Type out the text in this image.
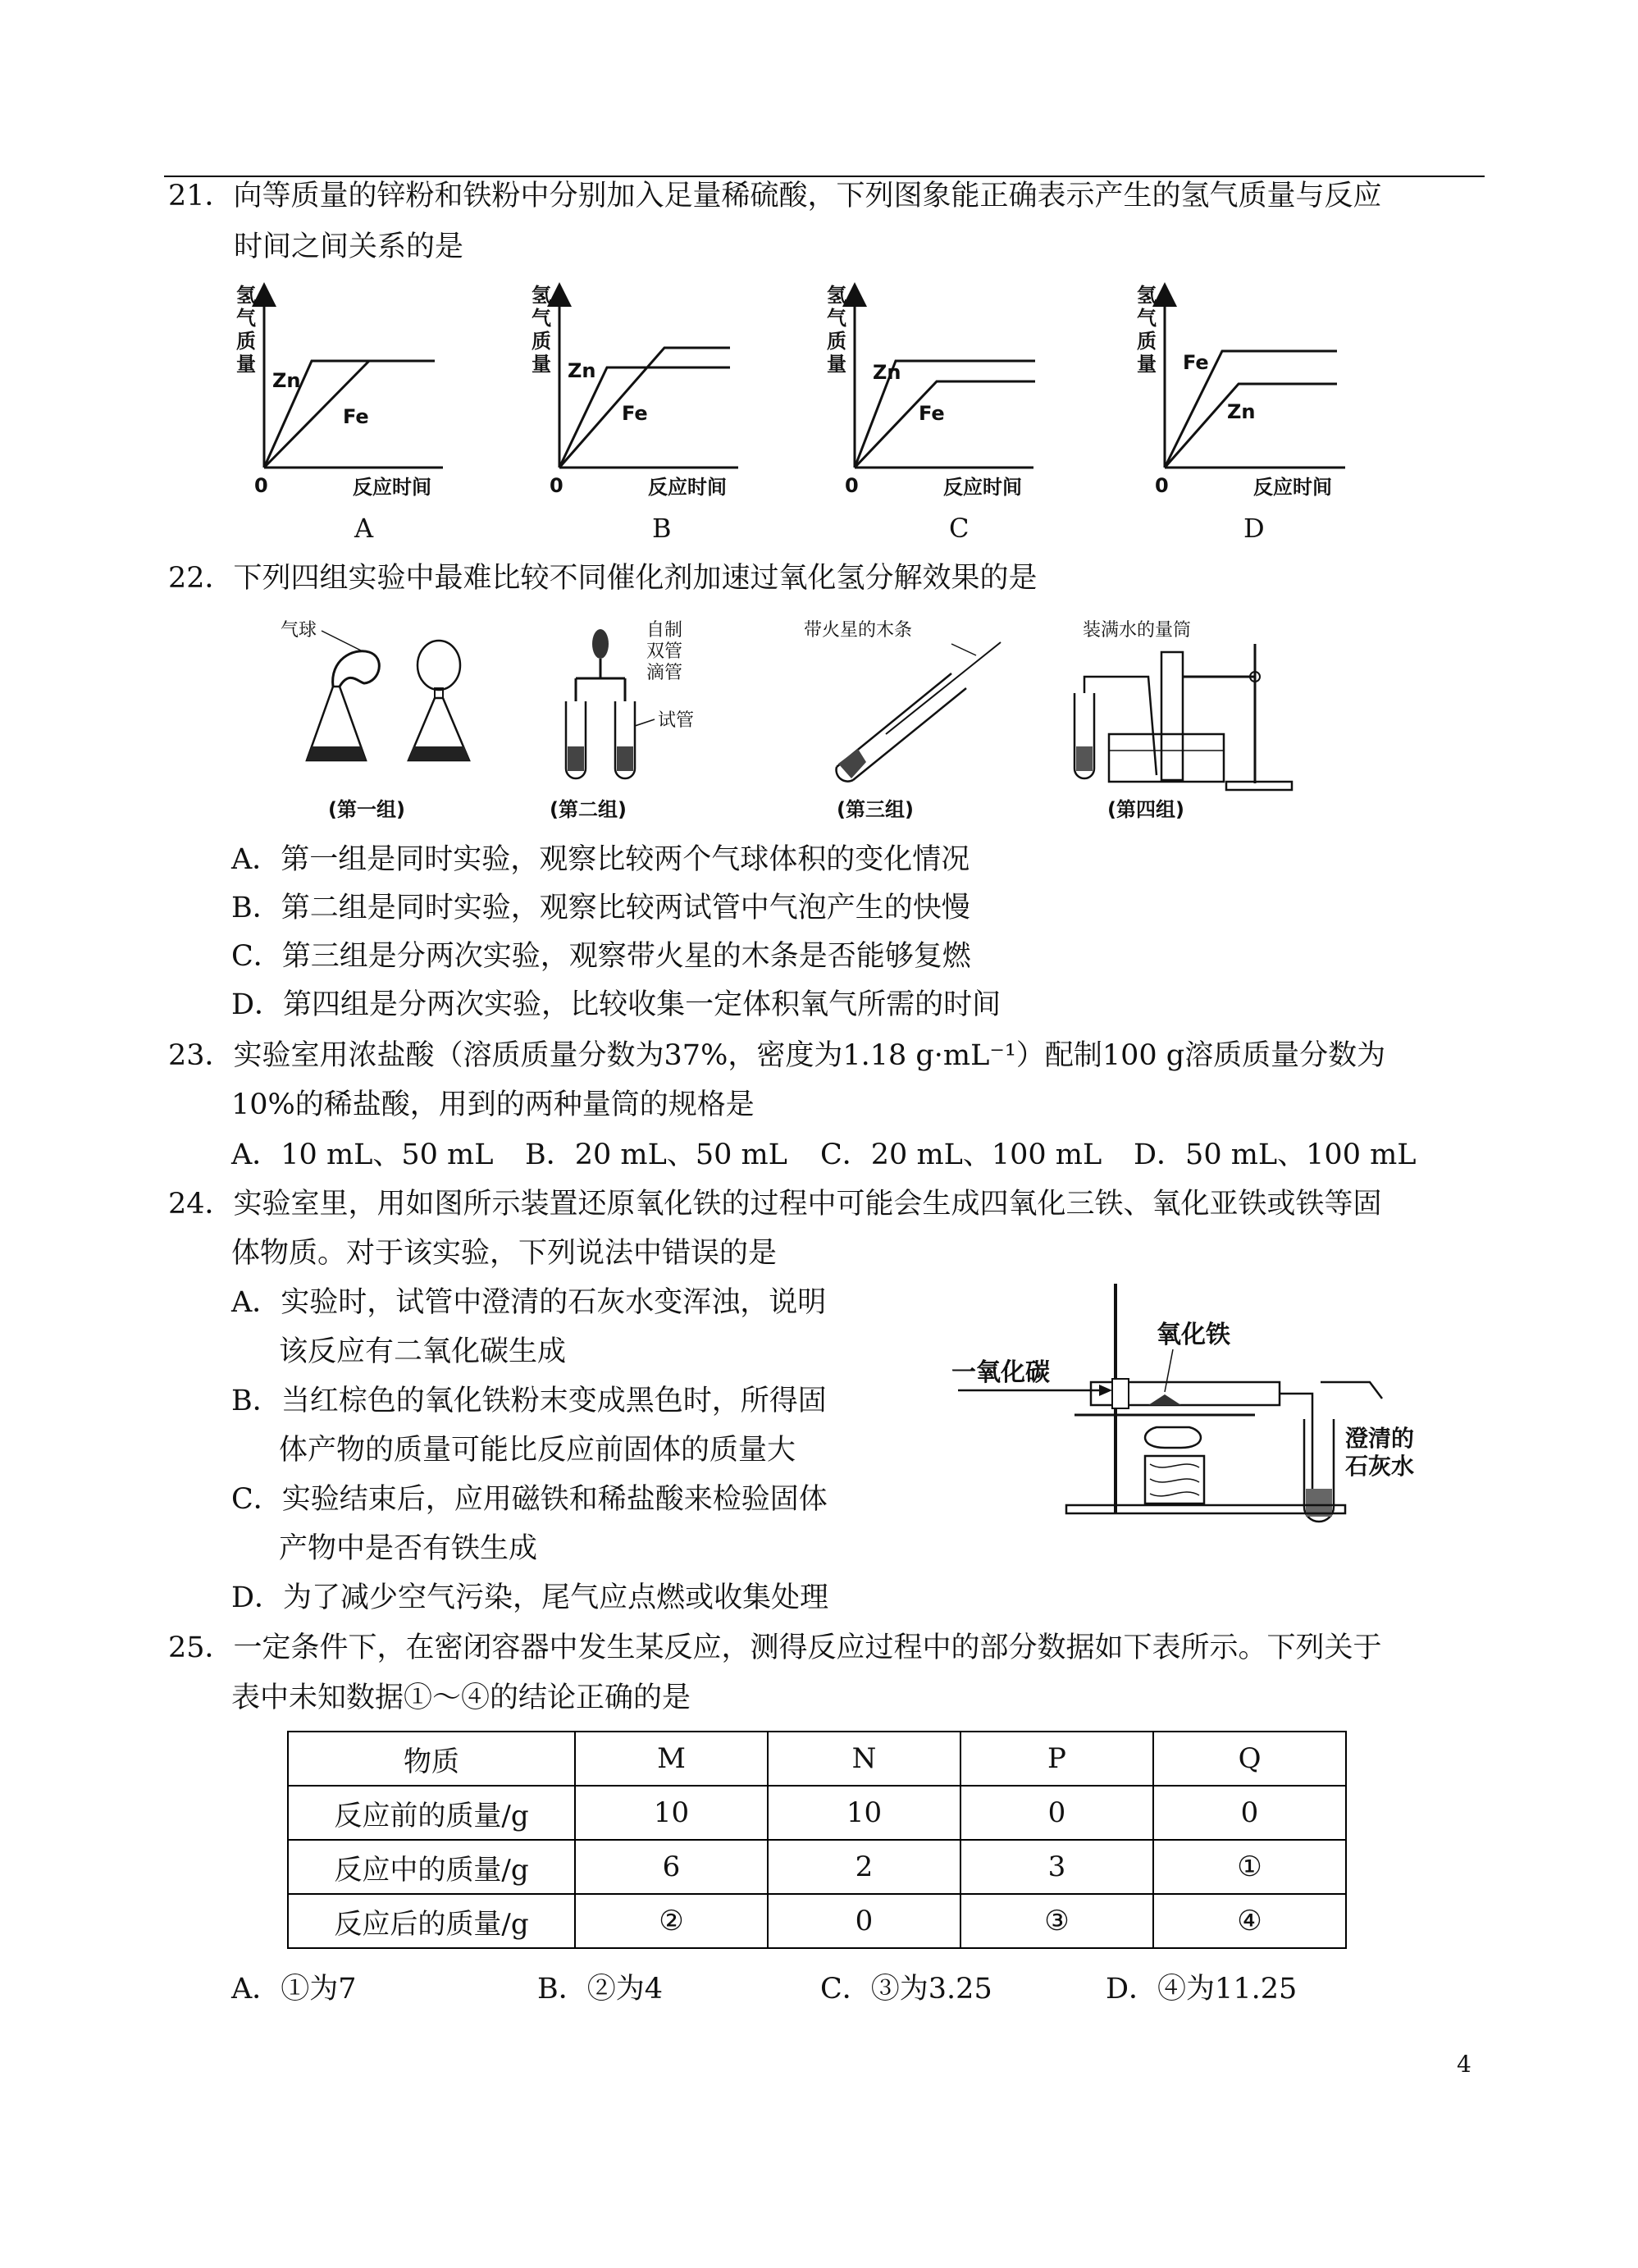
21．向等质量的锌粉和铁粉中分别加入足量稀硫酸，下列图象能正确表示产生的氢气质量与反应
时间之间关系的是
氢
气
质
量
0	反应时间
Zn
Fe
氢
气
质
量
0	反应时间
Zn
Fe
氢
气
质
量
0	反应时间
Zn
Fe
氢
气
质
量
0	反应时间
Fe
Zn
A	B	C	D
22．下列四组实验中最难比较不同催化剂加速过氧化氢分解效果的是
气球
(第一组)
自制
双管
滴管
试管
(第二组)
带火星的木条
(第三组)
装满水的量筒
(第四组)
A．第一组是同时实验，观察比较两个气球体积的变化情况
B．第二组是同时实验，观察比较两试管中气泡产生的快慢
C．第三组是分两次实验，观察带火星的木条是否能够复燃
D．第四组是分两次实验，比较收集一定体积氧气所需的时间
23．实验室用浓盐酸（溶质质量分数为37%，密度为1.18 g·mL⁻¹）配制100 g溶质质量分数为
10%的稀盐酸，用到的两种量筒的规格是
A．10 mL、50 mL B．20 mL、50 mL C．20 mL、100 mL D．50 mL、100 mL
24．实验室里，用如图所示装置还原氧化铁的过程中可能会生成四氧化三铁、氧化亚铁或铁等固
体物质。对于该实验，下列说法中错误的是
A．实验时，试管中澄清的石灰水变浑浊，说明
该反应有二氧化碳生成
B．当红棕色的氧化铁粉末变成黑色时，所得固
体产物的质量可能比反应前固体的质量大
C．实验结束后，应用磁铁和稀盐酸来检验固体
产物中是否有铁生成
D．为了减少空气污染，尾气应点燃或收集处理
一氧化碳
氧化铁
澄清的
石灰水
25．一定条件下，在密闭容器中发生某反应，测得反应过程中的部分数据如下表所示。下列关于
表中未知数据①～④的结论正确的是
物质	M	N	P	Q
反应前的质量/g	10	10	0	0
反应中的质量/g	6	2	3	①
反应后的质量/g	②	0	③	④
A．①为7	B．②为4	C．③为3.25	D．④为11.25
4
